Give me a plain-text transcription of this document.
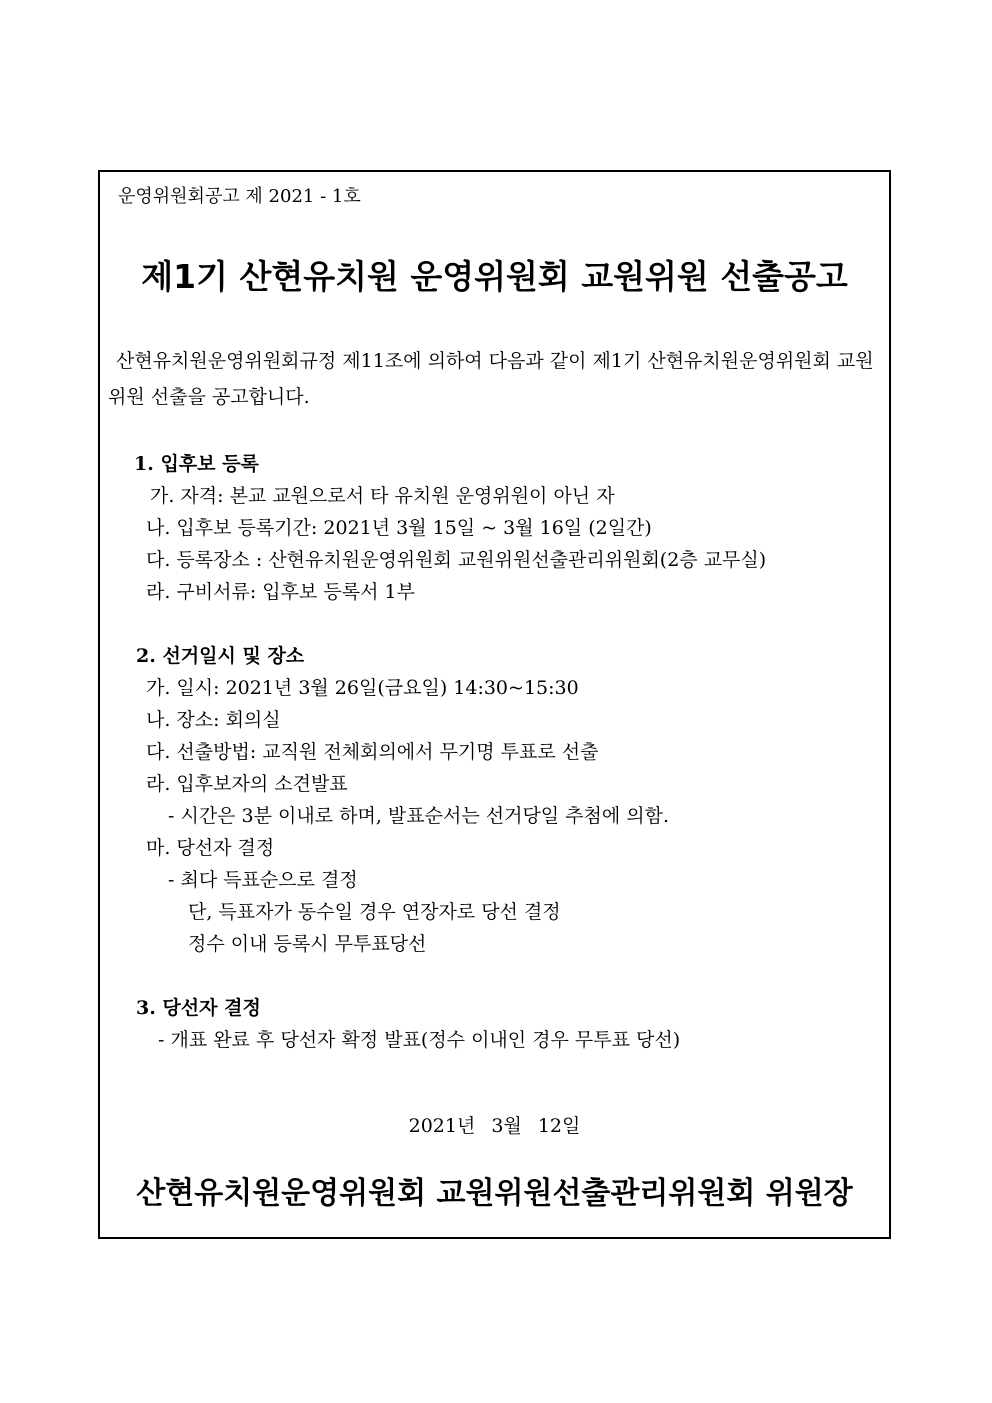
운영위원회공고 제 2021 - 1호
제1기 산현유치원 운영위원회 교원위원 선출공고
산현유치원운영위원회규정 제11조에 의하여 다음과 같이 제1기 산현유치원운영위원회 교원
위원 선출을 공고합니다.
1. 입후보 등록
가. 자격: 본교 교원으로서 타 유치원 운영위원이 아닌 자
나. 입후보 등록기간: 2021년 3월 15일 ~ 3월 16일 (2일간)
다. 등록장소 : 산현유치원운영위원회 교원위원선출관리위원회(2층 교무실)
라. 구비서류: 입후보 등록서 1부
2. 선거일시 및 장소
가. 일시: 2021년 3월 26일(금요일) 14:30~15:30
나. 장소: 회의실
다. 선출방법: 교직원 전체회의에서 무기명 투표로 선출
라. 입후보자의 소견발표
- 시간은 3분 이내로 하며, 발표순서는 선거당일 추첨에 의함.
마. 당선자 결정
- 최다 득표순으로 결정
단, 득표자가 동수일 경우 연장자로 당선 결정
정수 이내 등록시 무투표당선
3. 당선자 결정
- 개표 완료 후 당선자 확정 발표(정수 이내인 경우 무투표 당선)
2021년 3월 12일
산현유치원운영위원회 교원위원선출관리위원회 위원장
